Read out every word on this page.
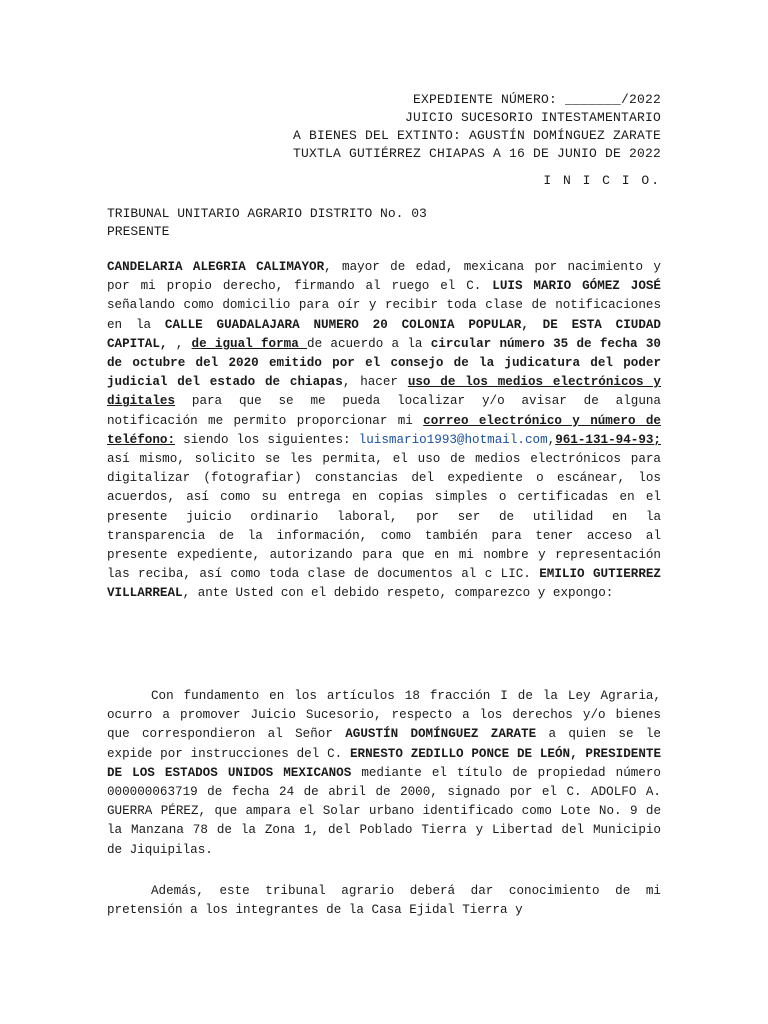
EXPEDIENTE NÚMERO: _______/2022

JUICIO SUCESORIO INTESTAMENTARIO

A BIENES DEL EXTINTO: AGUSTÍN DOMÍNGUEZ ZARATE

TUXTLA GUTIÉRREZ CHIAPAS A 16 DE JUNIO DE 2022

I N I C I O.

TRIBUNAL UNITARIO AGRARIO DISTRITO No. 03

PRESENTE

CANDELARIA ALEGRIA CALIMAYOR, mayor de edad, mexicana por nacimiento y por mi propio derecho, firmando al ruego el C. LUIS MARIO GÓMEZ JOSÉ señalando como domicilio para oír y recibir toda clase de notificaciones en la CALLE GUADALAJARA NUMERO 20 COLONIA POPULAR, DE ESTA CIUDAD CAPITAL, , de igual forma de acuerdo a la circular número 35 de fecha 30 de octubre del 2020 emitido por el consejo de la judicatura del poder judicial del estado de chiapas, hacer uso de los medios electrónicos y digitales para que se me pueda localizar y/o avisar de alguna notificación me permito proporcionar mi correo electrónico y número de teléfono: siendo los siguientes: luismario1993@hotmail.com,961-131-94-93; así mismo, solicito se les permita, el uso de medios electrónicos para digitalizar (fotografiar) constancias del expediente o escánear, los acuerdos, así como su entrega en copias simples o certificadas en el presente juicio ordinario laboral, por ser de utilidad en la transparencia de la información, como también para tener acceso al presente expediente, autorizando para que en mi nombre y representación las reciba, así como toda clase de documentos al c LIC. EMILIO GUTIERREZ VILLARREAL, ante Usted con el debido respeto, comparezco y expongo:

Con fundamento en los artículos 18 fracción I de la Ley Agraria, ocurro a promover Juicio Sucesorio, respecto a los derechos y/o bienes que correspondieron al Señor AGUSTÍN DOMÍNGUEZ ZARATE a quien se le expide por instrucciones del C. ERNESTO ZEDILLO PONCE DE LEÓN, PRESIDENTE DE LOS ESTADOS UNIDOS MEXICANOS mediante el título de propiedad número 000000063719 de fecha 24 de abril de 2000, signado por el C. ADOLFO A. GUERRA PÉREZ, que ampara el Solar urbano identificado como Lote No. 9 de la Manzana 78 de la Zona 1, del Poblado Tierra y Libertad del Municipio de Jiquipilas.

Además, este tribunal agrario deberá dar conocimiento de mi pretensión a los integrantes de la Casa Ejidal Tierra y
